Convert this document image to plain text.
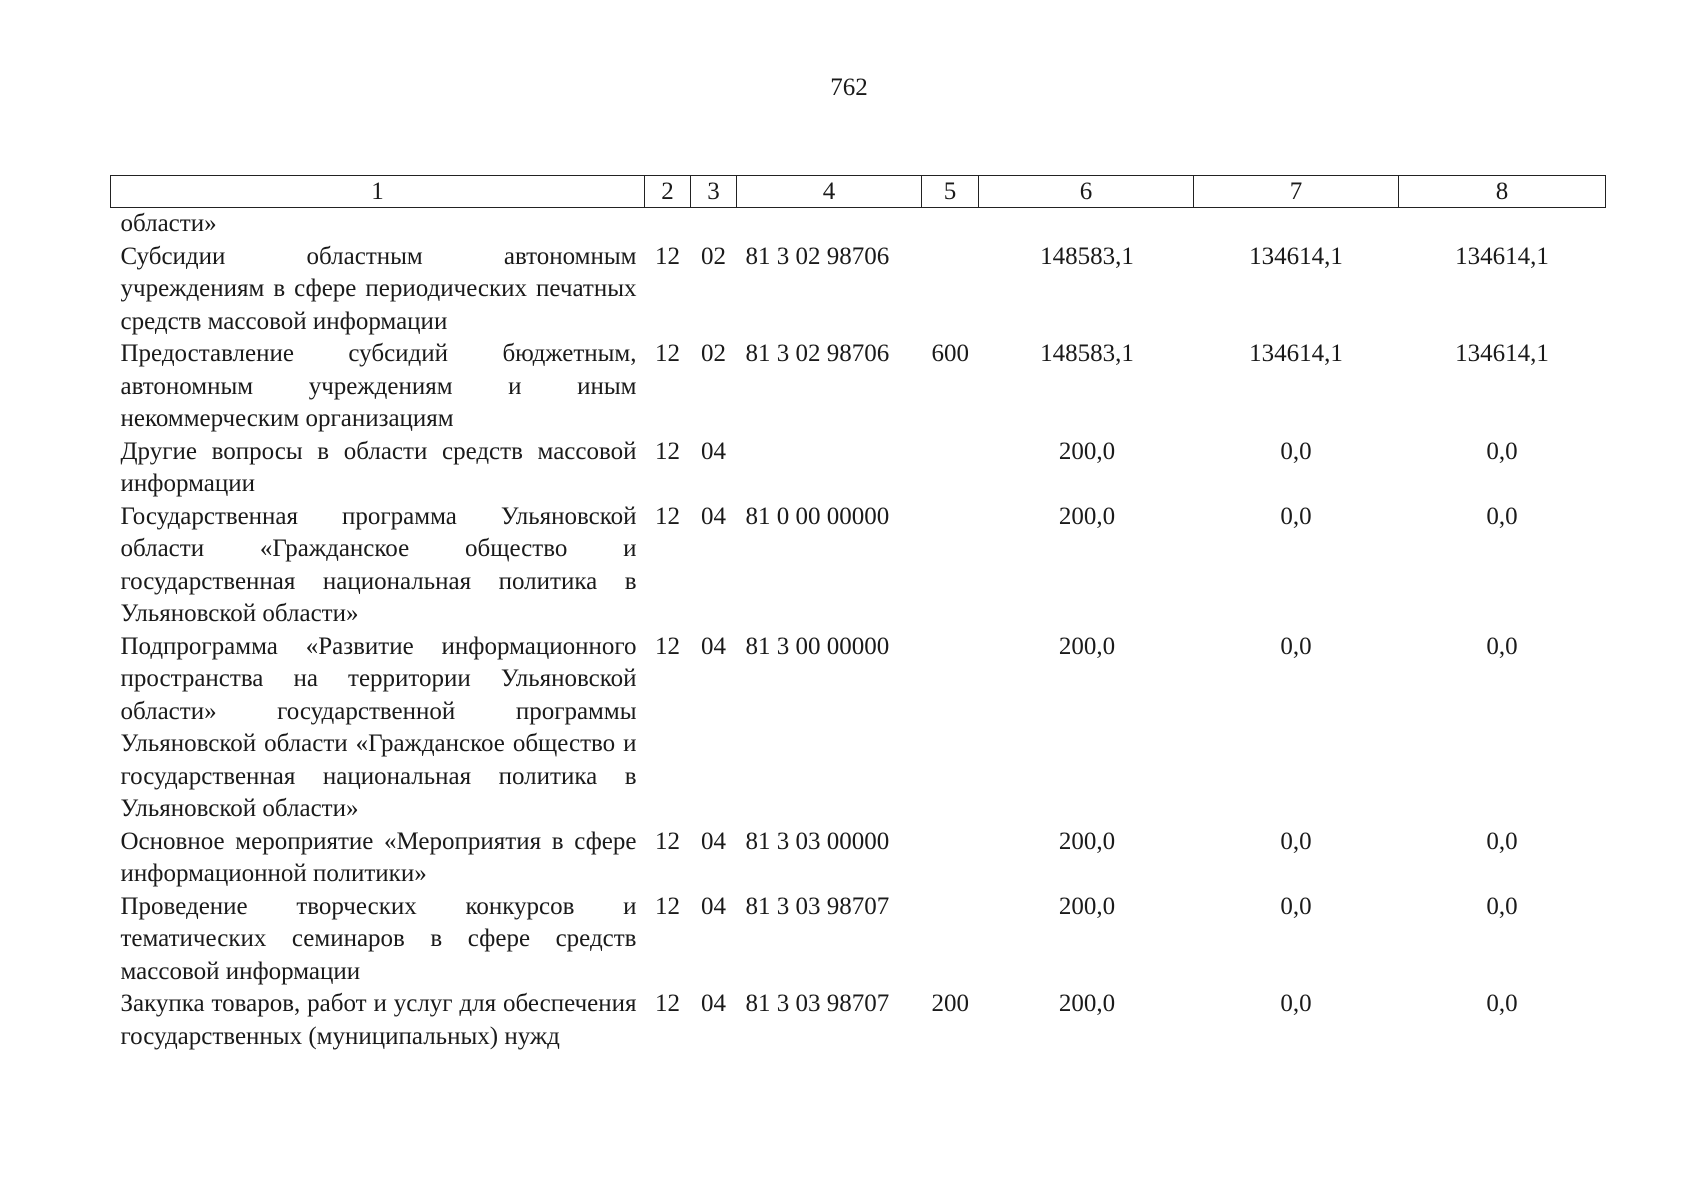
762
1	2	3	4	5	6	7	8
области»							
Субсидии областным автономным учреждениям в сфере периодических печатных средств массовой информации	12	02	81 3 02 98706		148583,1	134614,1	134614,1
Предоставление субсидий бюджетным, автономным учреждениям и иным некоммерческим организациям	12	02	81 3 02 98706	600	148583,1	134614,1	134614,1
Другие вопросы в области средств массовой информации	12	04			200,0	0,0	0,0
Государственная программа Ульяновской области «Гражданское общество и государственная национальная политика в Ульяновской области»	12	04	81 0 00 00000		200,0	0,0	0,0
Подпрограмма «Развитие информационного пространства на территории Ульяновской области» государственной программы Ульяновской области «Гражданское общество и государственная национальная политика в Ульяновской области»	12	04	81 3 00 00000		200,0	0,0	0,0
Основное мероприятие «Мероприятия в сфере информационной политики»	12	04	81 3 03 00000		200,0	0,0	0,0
Проведение творческих конкурсов и тематических семинаров в сфере средств массовой информации	12	04	81 3 03 98707		200,0	0,0	0,0
Закупка товаров, работ и услуг для обеспечения государственных (муниципальных) нужд	12	04	81 3 03 98707	200	200,0	0,0	0,0
